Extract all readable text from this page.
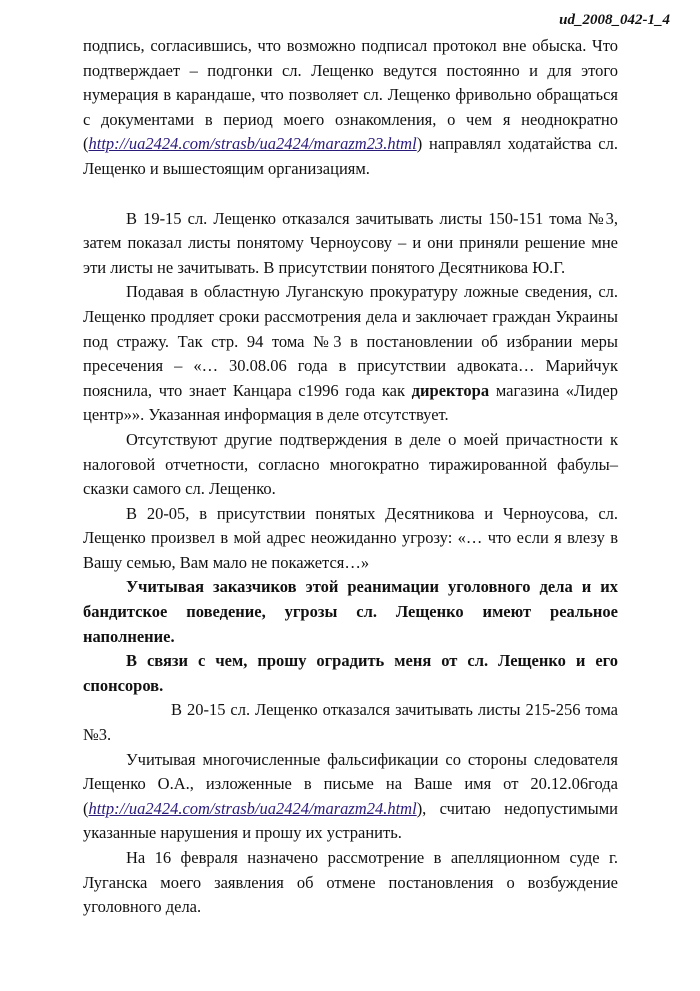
ud_2008_042-1_4

подпись, согласившись, что возможно подписал протокол вне обыска. Что подтверждает – подгонки сл. Лещенко ведутся постоянно и для этого нумерация в карандаше, что позволяет сл. Лещенко фривольно обращаться с документами в период моего ознакомления, о чем я неоднократно (http://ua2424.com/strasb/ua2424/marazm23.html) направлял ходатайства сл. Лещенко и вышестоящим организациям.

В 19-15 сл. Лещенко отказался зачитывать листы 150-151 тома №3, затем показал листы понятому Черноусову – и они приняли решение мне эти листы не зачитывать. В присутствии понятого Десятникова Ю.Г.

Подавая в областную Луганскую прокуратуру ложные сведения, сл. Лещенко продляет сроки рассмотрения дела и заключает граждан Украины под стражу. Так стр. 94 тома №3 в постановлении об избрании меры пресечения – «… 30.08.06 года в присутствии адвоката… Марийчук пояснила, что знает Канцара с1996 года как директора магазина «Лидер центр»». Указанная информация в деле отсутствует.

Отсутствуют другие подтверждения в деле о моей причастности к налоговой отчетности, согласно многократно тиражированной фабулы–сказки самого сл. Лещенко.

В 20-05, в присутствии понятых Десятникова и Черноусова, сл. Лещенко произвел в мой адрес неожиданно угрозу: «… что если я влезу в Вашу семью, Вам мало не покажется…»

Учитывая заказчиков этой реанимации уголовного дела и их бандитское поведение, угрозы сл. Лещенко имеют реальное наполнение.

В связи с чем, прошу оградить меня от сл. Лещенко и его спонсоров.

В 20-15 сл. Лещенко отказался зачитывать листы 215-256 тома №3.

Учитывая многочисленные фальсификации со стороны следователя Лещенко О.А., изложенные в письме на Ваше имя от 20.12.06года (http://ua2424.com/strasb/ua2424/marazm24.html), считаю недопустимыми указанные нарушения и прошу их устранить.

На 16 февраля назначено рассмотрение в апелляционном суде г. Луганска моего заявления об отмене постановления о возбуждение уголовного дела.
